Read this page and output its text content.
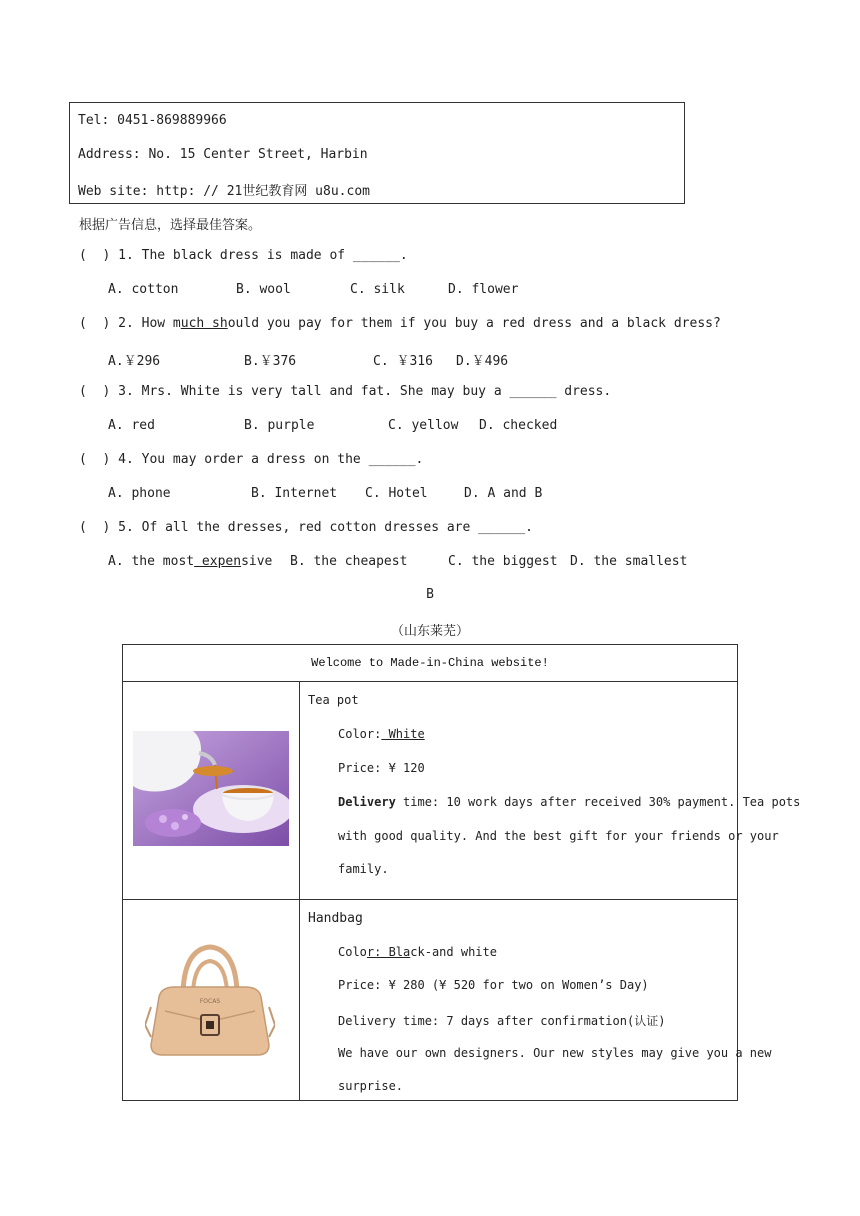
Tel: 0451-869889966
Address: No. 15 Center Street, Harbin
Web site: http: // 21世纪教育网 u8u.com
根据广告信息，选择最佳答案。
(  ) 1. The black dress is made of ______.
A. cotton	B. wool	C. silk	D. flower
(  ) 2. How much should you pay for them if you buy a red dress and a black dress?
A.￥296	B.￥376	C. ￥316 D.￥496
(  ) 3. Mrs. White is very tall and fat. She may buy a ______ dress.
A. red	B. purple	C. yellow D. checked
(  ) 4. You may order a dress on the ______.
A. phone	B. Internet C. Hotel	D. A and B
(  ) 5. Of all the dresses, red cotton dresses are ______.
A. the most expensive B. the cheapest	C. the biggest D. the smallest
B
（山东莱芜）
Welcome to Made-in-China website!
Tea pot
Color: White
Price: ¥ 120
Delivery time: 10 work days after received 30% payment. Tea pots
with good quality. And the best gift for your friends or your
family.
FOCAS
Handbag
Color: Black-and white
Price: ¥ 280 (¥ 520 for two on Women’s Day)
Delivery time: 7 days after confirmation(认证)
We have our own designers. Our new styles may give you a new
surprise.
